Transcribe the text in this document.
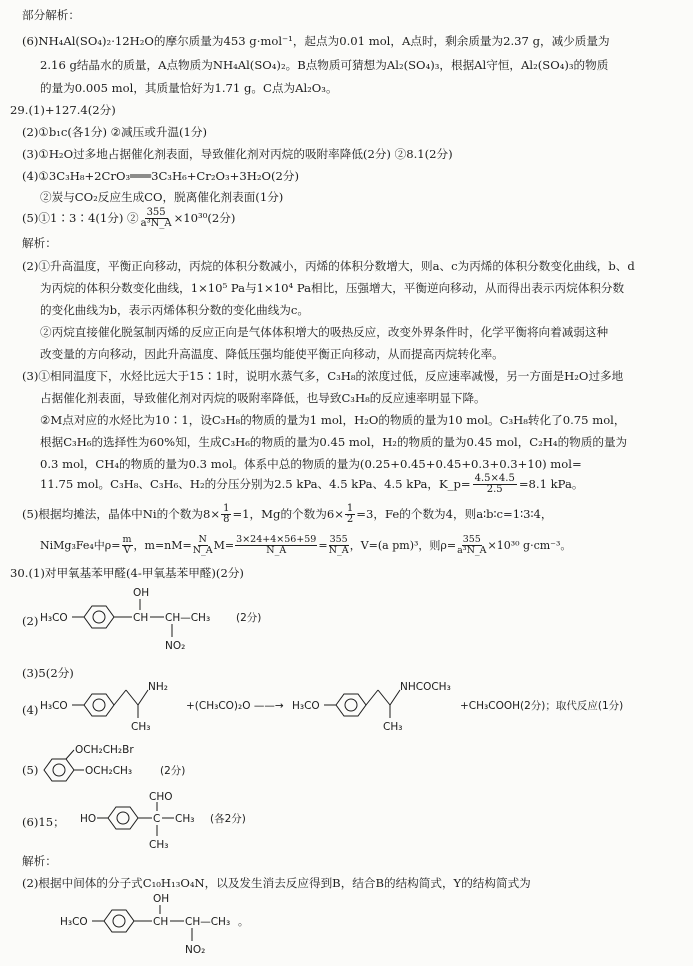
部分解析：
(6)NH₄Al(SO₄)₂·12H₂O的摩尔质量为453 g·mol⁻¹，起点为0.01 mol，A点时，剩余质量为2.37 g，减少质量为
2.16 g结晶水的质量，A点物质为NH₄Al(SO₄)₂。B点物质可猜想为Al₂(SO₄)₃，根据Al守恒，Al₂(SO₄)₃的物质
的量为0.005 mol，其质量恰好为1.71 g。C点为Al₂O₃。
29.(1)+127.4(2分)
(2)①b₁c(各1分) ②减压或升温(1分)
(3)①H₂O过多地占据催化剂表面，导致催化剂对丙烷的吸附率降低(2分) ②8.1(2分)
(4)①3C₃H₈+2CrO₃═══3C₃H₆+Cr₂O₃+3H₂O(2分)
②炭与CO₂反应生成CO，脱离催化剂表面(1分)
(5)①1∶3∶4(1分) ② $\frac{355}{\text{a³N\_A}} \times 10^{30}(2$分)
解析：
(2)①升高温度，平衡正向移动，丙烷的体积分数减小，丙烯的体积分数增大，则a、c为丙烯的体积分数变化曲线，b、d
为丙烷的体积分数变化曲线，1×10⁵ Pa与1×10⁴ Pa相比，压强增大，平衡逆向移动，从而得出表示丙烷体积分数
的变化曲线为b，表示丙烯体积分数的变化曲线为c。
②丙烷直接催化脱氢制丙烯的反应正向是气体体积增大的吸热反应，改变外界条件时，化学平衡将向着减弱这种
改变量的方向移动，因此升高温度、降低压强均能使平衡正向移动，从而提高丙烷转化率。
(3)①相同温度下，水烃比远大于15∶1时，说明水蒸气多，C₃H₈的浓度过低，反应速率减慢，另一方面是H₂O过多地
占据催化剂表面，导致催化剂对丙烷的吸附率降低，也导致C₃H₈的反应速率明显下降。
②M点对应的水烃比为10∶1，设C₃H₈的物质的量为1 mol，H₂O的物质的量为10 mol。C₃H₈转化了0.75 mol，
根据C₃H₆的选择性为60%知，生成C₃H₆的物质的量为0.45 mol，H₂的物质的量为0.45 mol，C₂H₄的物质的量为
0.3 mol，CH₄的物质的量为0.3 mol。体系中总的物质的量为(0.25+0.45+0.45+0.3+0.3+10) mol=
11.75 mol。C₃H₈、C₃H₆、H₂的分压分别为2.5 kPa、4.5 kPa、4.5 kPa，K_p= $\frac{4.5\times 4.5}{2.5} =8.1$ kPa。
(5)根据均摊法，晶体中Ni的个数为$8\times \frac{1}{8} =1$，Mg的个数为$6\times \frac{1}{2} =3$，Fe的个数为4，则a∶b∶c=1∶3∶4，
NiMg₃Fe₄中$\rho= \frac{m}{V}$ ，$m=nM= \frac{N}{N\_A} M= \frac{3\times 24+4\times 56+59}{N\_A} = \frac{355}{N\_A}$ ，V=(a pm)³，则$\rho= \frac{355}{\text{a³N\_A}} \times 10^{30}$ g·cm⁻³。
30.(1)对甲氧基苯甲醛(4-甲氧基苯甲醛)(2分)
(2) H₃CO	CH
OH
CH—CH₃
NO₂
(2分)
(3)5(2分)
(4) H₃CO
NH₂
CH₃
+(CH₃CO)₂O ——→ H₃CO
NHCOCH₃
CH₃
+CH₃COOH(2分)；取代反应(1分)
(5)
OCH₂CH₂Br
OCH₂CH₃	(2分)
(6)15； HO	C
CHO
CH₃
CH₃
(各2分)
解析：
(2)根据中间体的分子式C₁₀H₁₃O₄N，以及发生消去反应得到B，结合B的结构简式，Y的结构简式为
H₃CO	CH
OH
CH—CH₃ 。
NO₂
